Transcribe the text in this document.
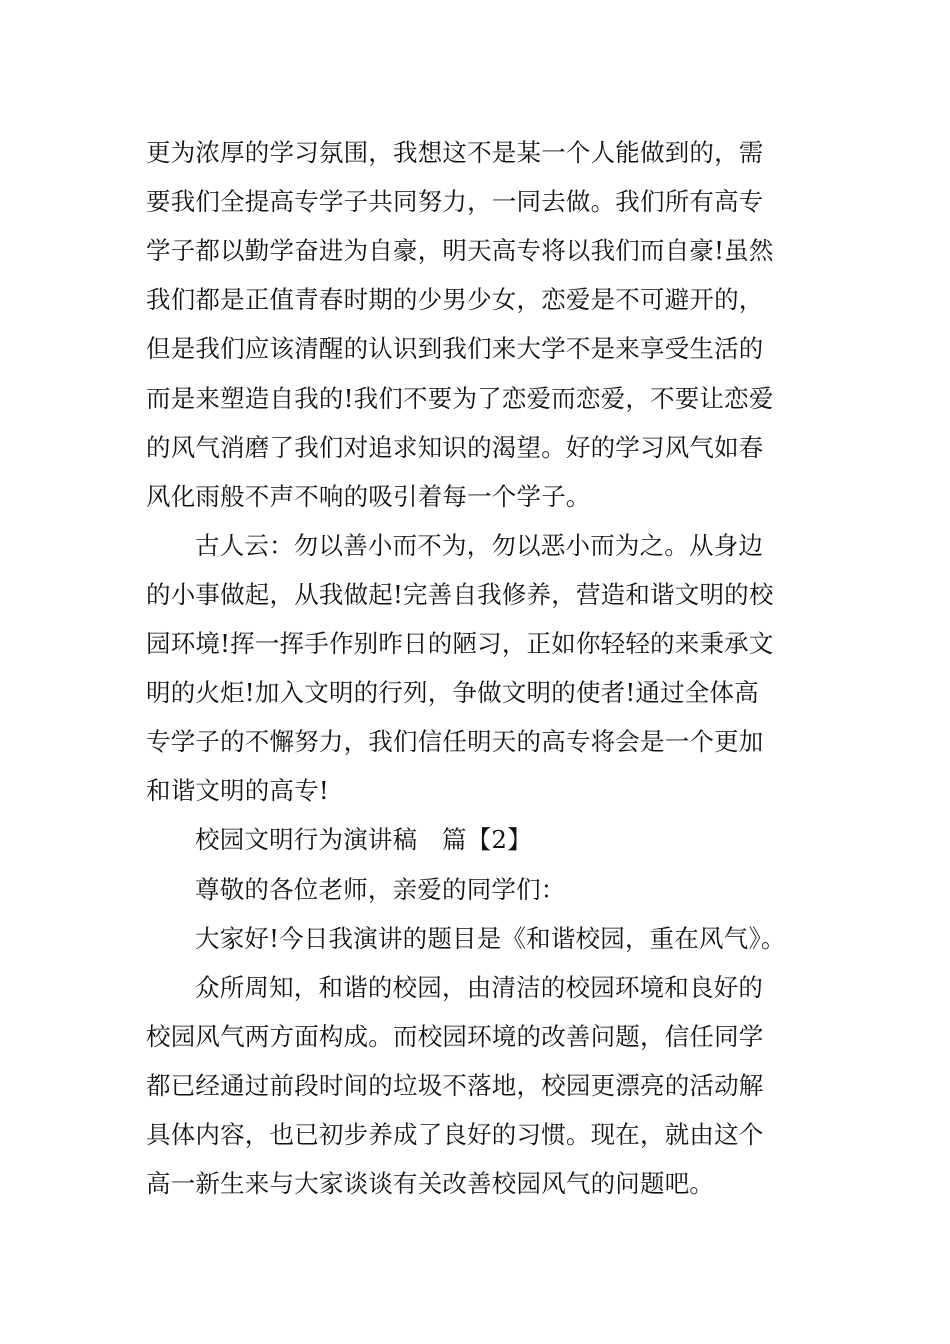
更为浓厚的学习氛围，我想这不是某一个人能做到的，需
要我们全提高专学子共同努力，一同去做。我们所有高专
学子都以勤学奋进为自豪，明天高专将以我们而自豪!虽然
我们都是正值青春时期的少男少女，恋爱是不可避开的，
但是我们应该清醒的认识到我们来大学不是来享受生活的
而是来塑造自我的!我们不要为了恋爱而恋爱，不要让恋爱
的风气消磨了我们对追求知识的渴望。好的学习风气如春
风化雨般不声不响的吸引着每一个学子。
古人云：勿以善小而不为，勿以恶小而为之。从身边
的小事做起，从我做起!完善自我修养，营造和谐文明的校
园环境!挥一挥手作别昨日的陋习，正如你轻轻的来秉承文
明的火炬!加入文明的行列，争做文明的使者!通过全体高
专学子的不懈努力，我们信任明天的高专将会是一个更加
和谐文明的高专!
校园文明行为演讲稿　篇【2】
尊敬的各位老师，亲爱的同学们：
大家好!今日我演讲的题目是《和谐校园，重在风气》。
众所周知，和谐的校园，由清洁的校园环境和良好的
校园风气两方面构成。而校园环境的改善问题，信任同学
都已经通过前段时间的垃圾不落地，校园更漂亮的活动解
具体内容，也已初步养成了良好的习惯。现在，就由这个
高一新生来与大家谈谈有关改善校园风气的问题吧。
